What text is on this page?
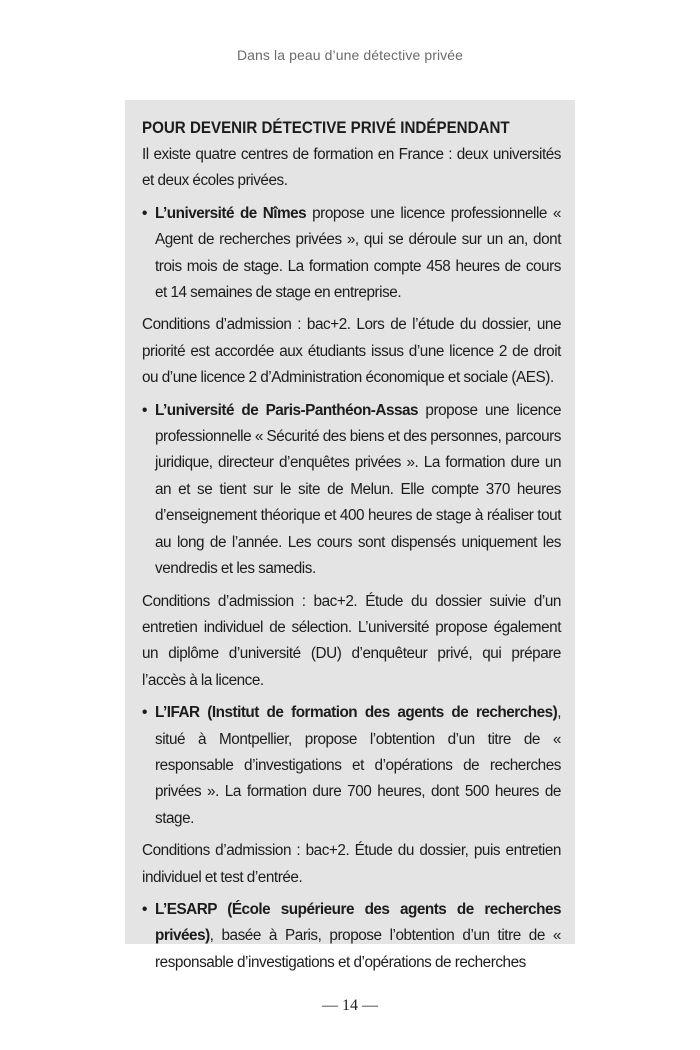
Dans la peau d’une détective privée
POUR DEVENIR DÉTECTIVE PRIVÉ INDÉPENDANT

Il existe quatre centres de formation en France : deux universités et deux écoles privées.

• L’université de Nîmes propose une licence professionnelle « Agent de recherches privées », qui se déroule sur un an, dont trois mois de stage. La formation compte 458 heures de cours et 14 semaines de stage en entreprise.

Conditions d’admission : bac+2. Lors de l’étude du dossier, une priorité est accordée aux étudiants issus d’une licence 2 de droit ou d’une licence 2 d’Administration économique et sociale (AES).

• L’université de Paris-Panthéon-Assas propose une licence professionnelle « Sécurité des biens et des personnes, parcours juridique, directeur d’enquêtes privées ». La formation dure un an et se tient sur le site de Melun. Elle compte 370 heures d’enseignement théorique et 400 heures de stage à réaliser tout au long de l’année. Les cours sont dispensés uniquement les vendredis et les samedis.

Conditions d’admission : bac+2. Étude du dossier suivie d’un entretien individuel de sélection. L’université propose également un diplôme d’université (DU) d’enquêteur privé, qui prépare l’accès à la licence.

• L’IFAR (Institut de formation des agents de recherches), situé à Montpellier, propose l’obtention d’un titre de « responsable d’investigations et d’opérations de recherches privées ». La formation dure 700 heures, dont 500 heures de stage.

Conditions d’admission : bac+2. Étude du dossier, puis entretien individuel et test d’entrée.

• L’ESARP (École supérieure des agents de recherches privées), basée à Paris, propose l’obtention d’un titre de « responsable d’investigations et d’opérations de recherches

— 14 —
